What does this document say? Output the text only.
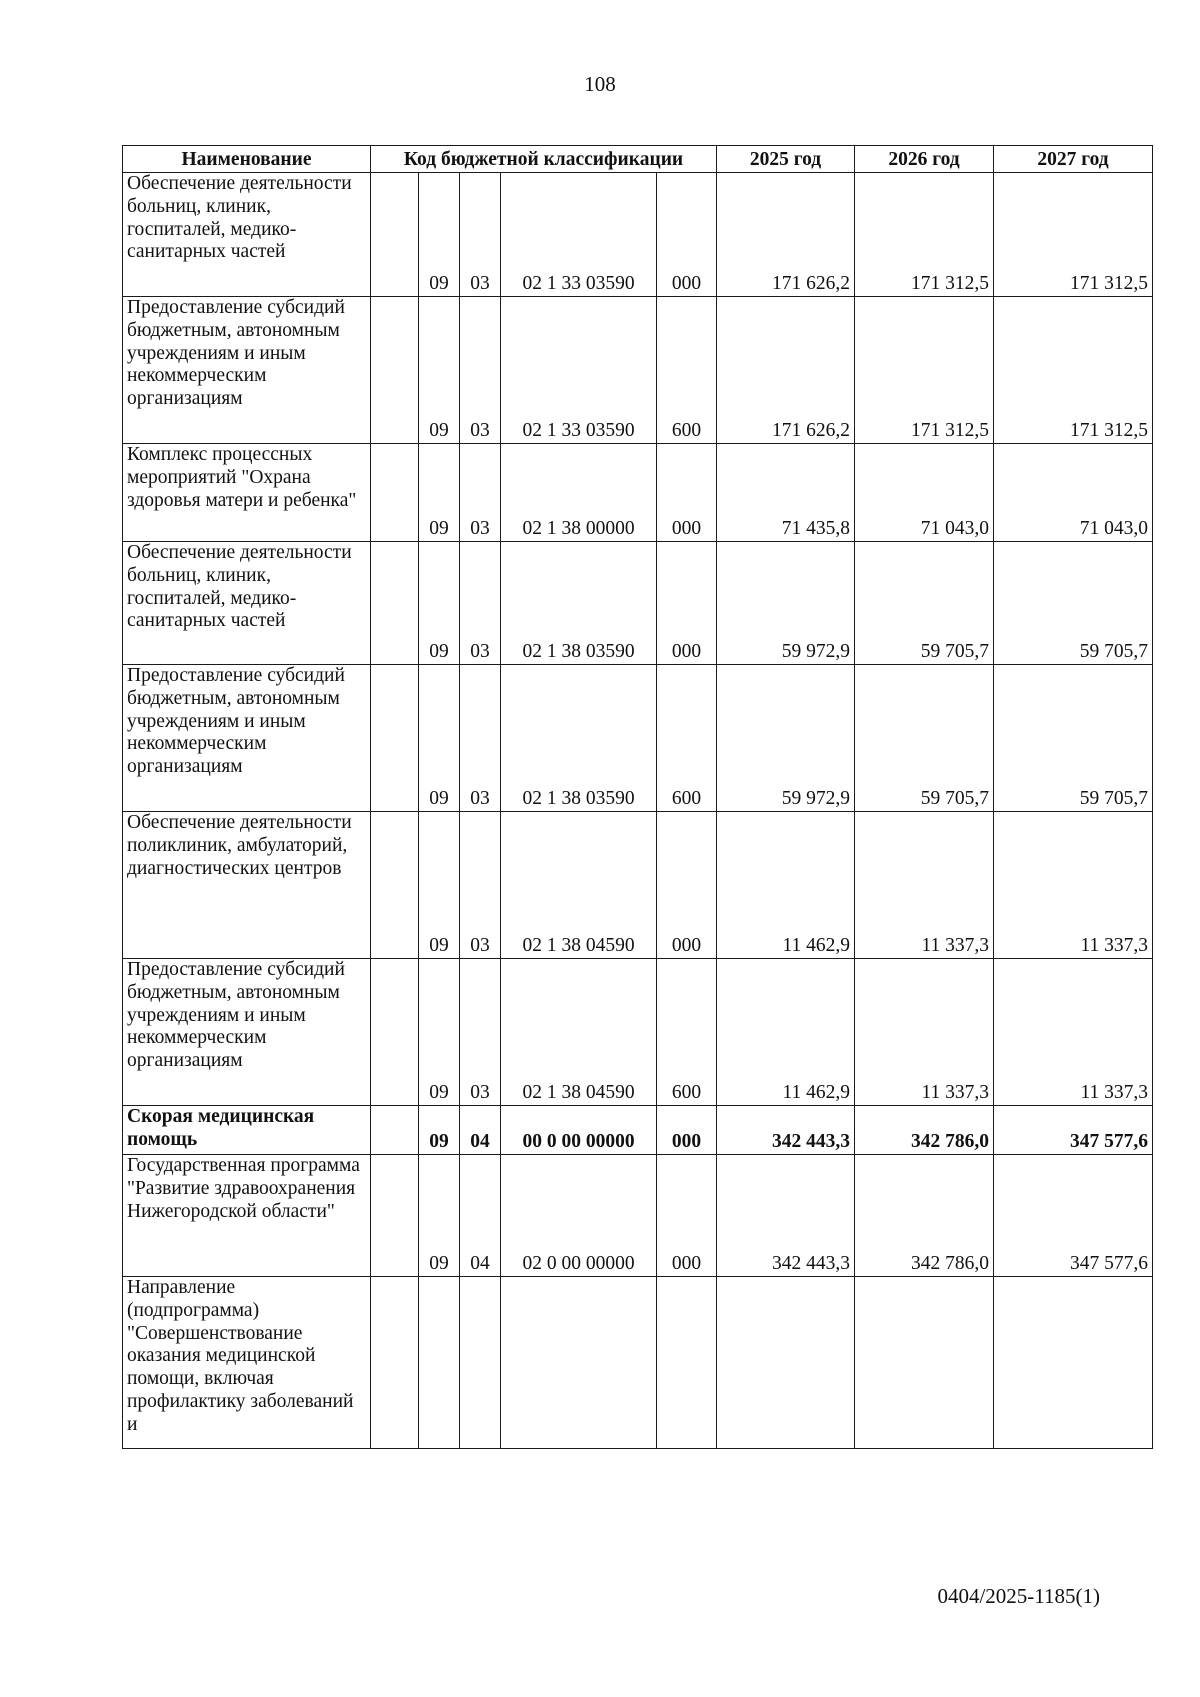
108
Наименование	Код бюджетной классификации					2025 год	2026 год	2027 год
Обеспечение деятельности больниц, клиник, госпиталей, медико-санитарных частей		09	03	02 1 33 03590	000	171 626,2	171 312,5	171 312,5
Предоставление субсидий бюджетным, автономным учреждениям и иным некоммерческим организациям		09	03	02 1 33 03590	600	171 626,2	171 312,5	171 312,5
Комплекс процессных мероприятий "Охрана здоровья матери и ребенка"		09	03	02 1 38 00000	000	71 435,8	71 043,0	71 043,0
Обеспечение деятельности больниц, клиник, госпиталей, медико-санитарных частей		09	03	02 1 38 03590	000	59 972,9	59 705,7	59 705,7
Предоставление субсидий бюджетным, автономным учреждениям и иным некоммерческим организациям		09	03	02 1 38 03590	600	59 972,9	59 705,7	59 705,7
Обеспечение деятельности поликлиник, амбулаторий, диагностических центров		09	03	02 1 38 04590	000	11 462,9	11 337,3	11 337,3
Предоставление субсидий бюджетным, автономным учреждениям и иным некоммерческим организациям		09	03	02 1 38 04590	600	11 462,9	11 337,3	11 337,3
Скорая медицинская помощь		09	04	00 0 00 00000	000	342 443,3	342 786,0	347 577,6
Государственная программа "Развитие здравоохранения Нижегородской области"		09	04	02 0 00 00000	000	342 443,3	342 786,0	347 577,6
Направление (подпрограмма) "Совершенствование оказания медицинской помощи, включая профилактику заболеваний и								
0404/2025-1185(1)
